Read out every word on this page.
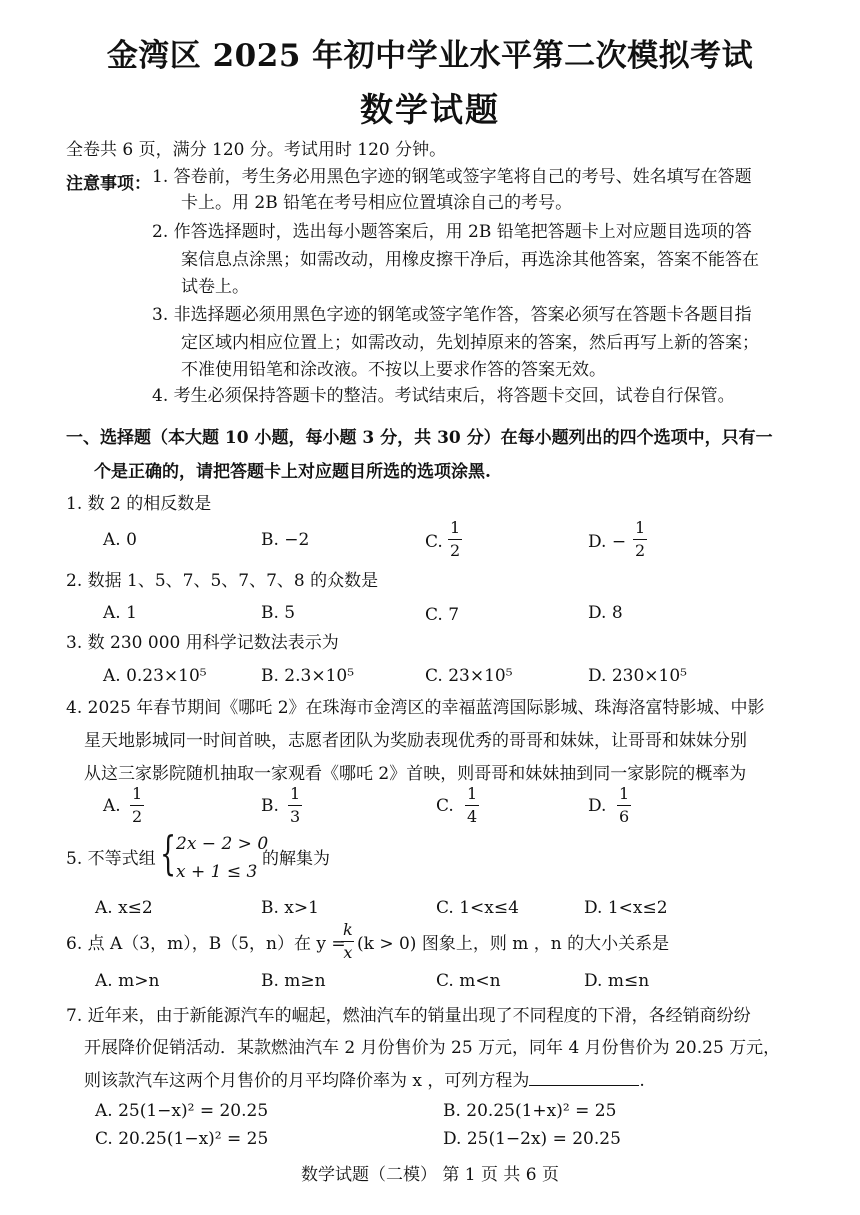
金湾区 2025 年初中学业水平第二次模拟考试
数学试题
全卷共 6 页，满分 120 分。考试用时 120 分钟。
注意事项： 1. 答卷前，考生务必用黑色字迹的钢笔或签字笔将自己的考号、姓名填写在答题
卡上。用 2B 铅笔在考号相应位置填涂自己的考号。
2. 作答选择题时，选出每小题答案后，用 2B 铅笔把答题卡上对应题目选项的答
案信息点涂黑；如需改动，用橡皮擦干净后，再选涂其他答案，答案不能答在
试卷上。
3. 非选择题必须用黑色字迹的钢笔或签字笔作答，答案必须写在答题卡各题目指
定区域内相应位置上；如需改动，先划掉原来的答案，然后再写上新的答案；
不准使用铅笔和涂改液。不按以上要求作答的答案无效。
4. 考生必须保持答题卡的整洁。考试结束后，将答题卡交回，试卷自行保管。
一、选择题（本大题 10 小题，每小题 3 分，共 30 分）在每小题列出的四个选项中，只有一
个是正确的，请把答题卡上对应题目所选的选项涂黑.
1. 数 2 的相反数是
A. 0	B. −2	C. $\frac{1}{2}$	D. − $\frac{1}{2}$
2. 数据 1、5、7、5、7、7、8 的众数是
A. 1	B. 5	C. 7	D. 8
3. 数 230 000 用科学记数法表示为
A. 0.23×10⁵	B. 2.3×10⁵	C. 23×10⁵	D. 230×10⁵
4. 2025 年春节期间《哪吒 2》在珠海市金湾区的幸福蓝湾国际影城、珠海洛富特影城、中影
星天地影城同一时间首映，志愿者团队为奖励表现优秀的哥哥和妹妹，让哥哥和妹妹分别
从这三家影院随机抽取一家观看《哪吒 2》首映，则哥哥和妹妹抽到同一家影院的概率为
A. $\frac{1}{2}$	B. $\frac{1}{3}$	C. $\frac{1}{4}$	D. $\frac{1}{6}$
5. 不等式组 { 2x − 2 > 0
x + 1 ≤ 3
的解集为
A. x≤2	B. x>1	C. 1<x≤4	D. 1<x≤2
6. 点 A（3，m），B（5，n）在 y =
$\frac{k}{x} (k > 0)$ 图象上，则 m ，n 的大小关系是
A. m>n	B. m≥n	C. m<n	D. m≤n
7. 近年来，由于新能源汽车的崛起，燃油汽车的销量出现了不同程度的下滑，各经销商纷纷
开展降价促销活动．某款燃油汽车 2 月份售价为 25 万元，同年 4 月份售价为 20.25 万元，
则该款汽车这两个月售价的月平均降价率为 x ，可列方程为	.
A. 25(1−x)² = 20.25	B. 20.25(1+x)² = 25
C. 20.25(1−x)² = 25	D. 25(1−2x) = 20.25
数学试题（二模） 第 1 页 共 6 页
